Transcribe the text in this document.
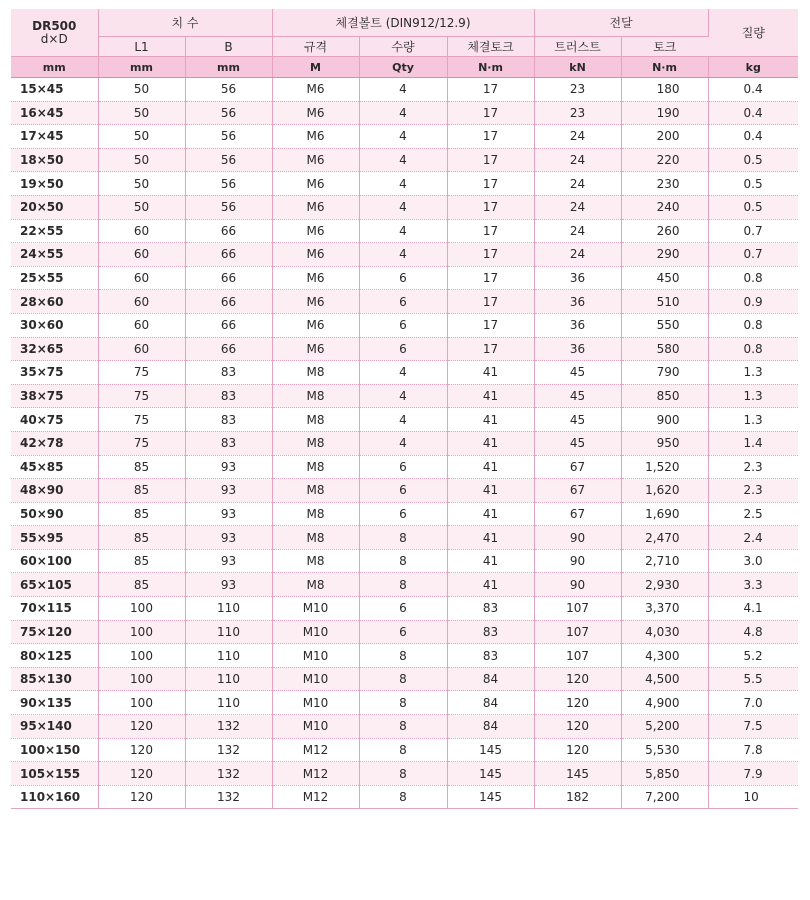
DR500
d×D	치 수		체결볼트 (DIN912/12.9)			전달		질량
	L1	B	규격	수량	체결토크	트러스트	토크	
mm	mm	mm	M	Qty	N·m	kN	N·m	kg
15×45	50	56	M6	4	17	23	180	0.4
16×45	50	56	M6	4	17	23	190	0.4
17×45	50	56	M6	4	17	24	200	0.4
18×50	50	56	M6	4	17	24	220	0.5
19×50	50	56	M6	4	17	24	230	0.5
20×50	50	56	M6	4	17	24	240	0.5
22×55	60	66	M6	4	17	24	260	0.7
24×55	60	66	M6	4	17	24	290	0.7
25×55	60	66	M6	6	17	36	450	0.8
28×60	60	66	M6	6	17	36	510	0.9
30×60	60	66	M6	6	17	36	550	0.8
32×65	60	66	M6	6	17	36	580	0.8
35×75	75	83	M8	4	41	45	790	1.3
38×75	75	83	M8	4	41	45	850	1.3
40×75	75	83	M8	4	41	45	900	1.3
42×78	75	83	M8	4	41	45	950	1.4
45×85	85	93	M8	6	41	67	1,520	2.3
48×90	85	93	M8	6	41	67	1,620	2.3
50×90	85	93	M8	6	41	67	1,690	2.5
55×95	85	93	M8	8	41	90	2,470	2.4
60×100	85	93	M8	8	41	90	2,710	3.0
65×105	85	93	M8	8	41	90	2,930	3.3
70×115	100	110	M10	6	83	107	3,370	4.1
75×120	100	110	M10	6	83	107	4,030	4.8
80×125	100	110	M10	8	83	107	4,300	5.2
85×130	100	110	M10	8	84	120	4,500	5.5
90×135	100	110	M10	8	84	120	4,900	7.0
95×140	120	132	M10	8	84	120	5,200	7.5
100×150	120	132	M12	8	145	120	5,530	7.8
105×155	120	132	M12	8	145	145	5,850	7.9
110×160	120	132	M12	8	145	182	7,200	10
